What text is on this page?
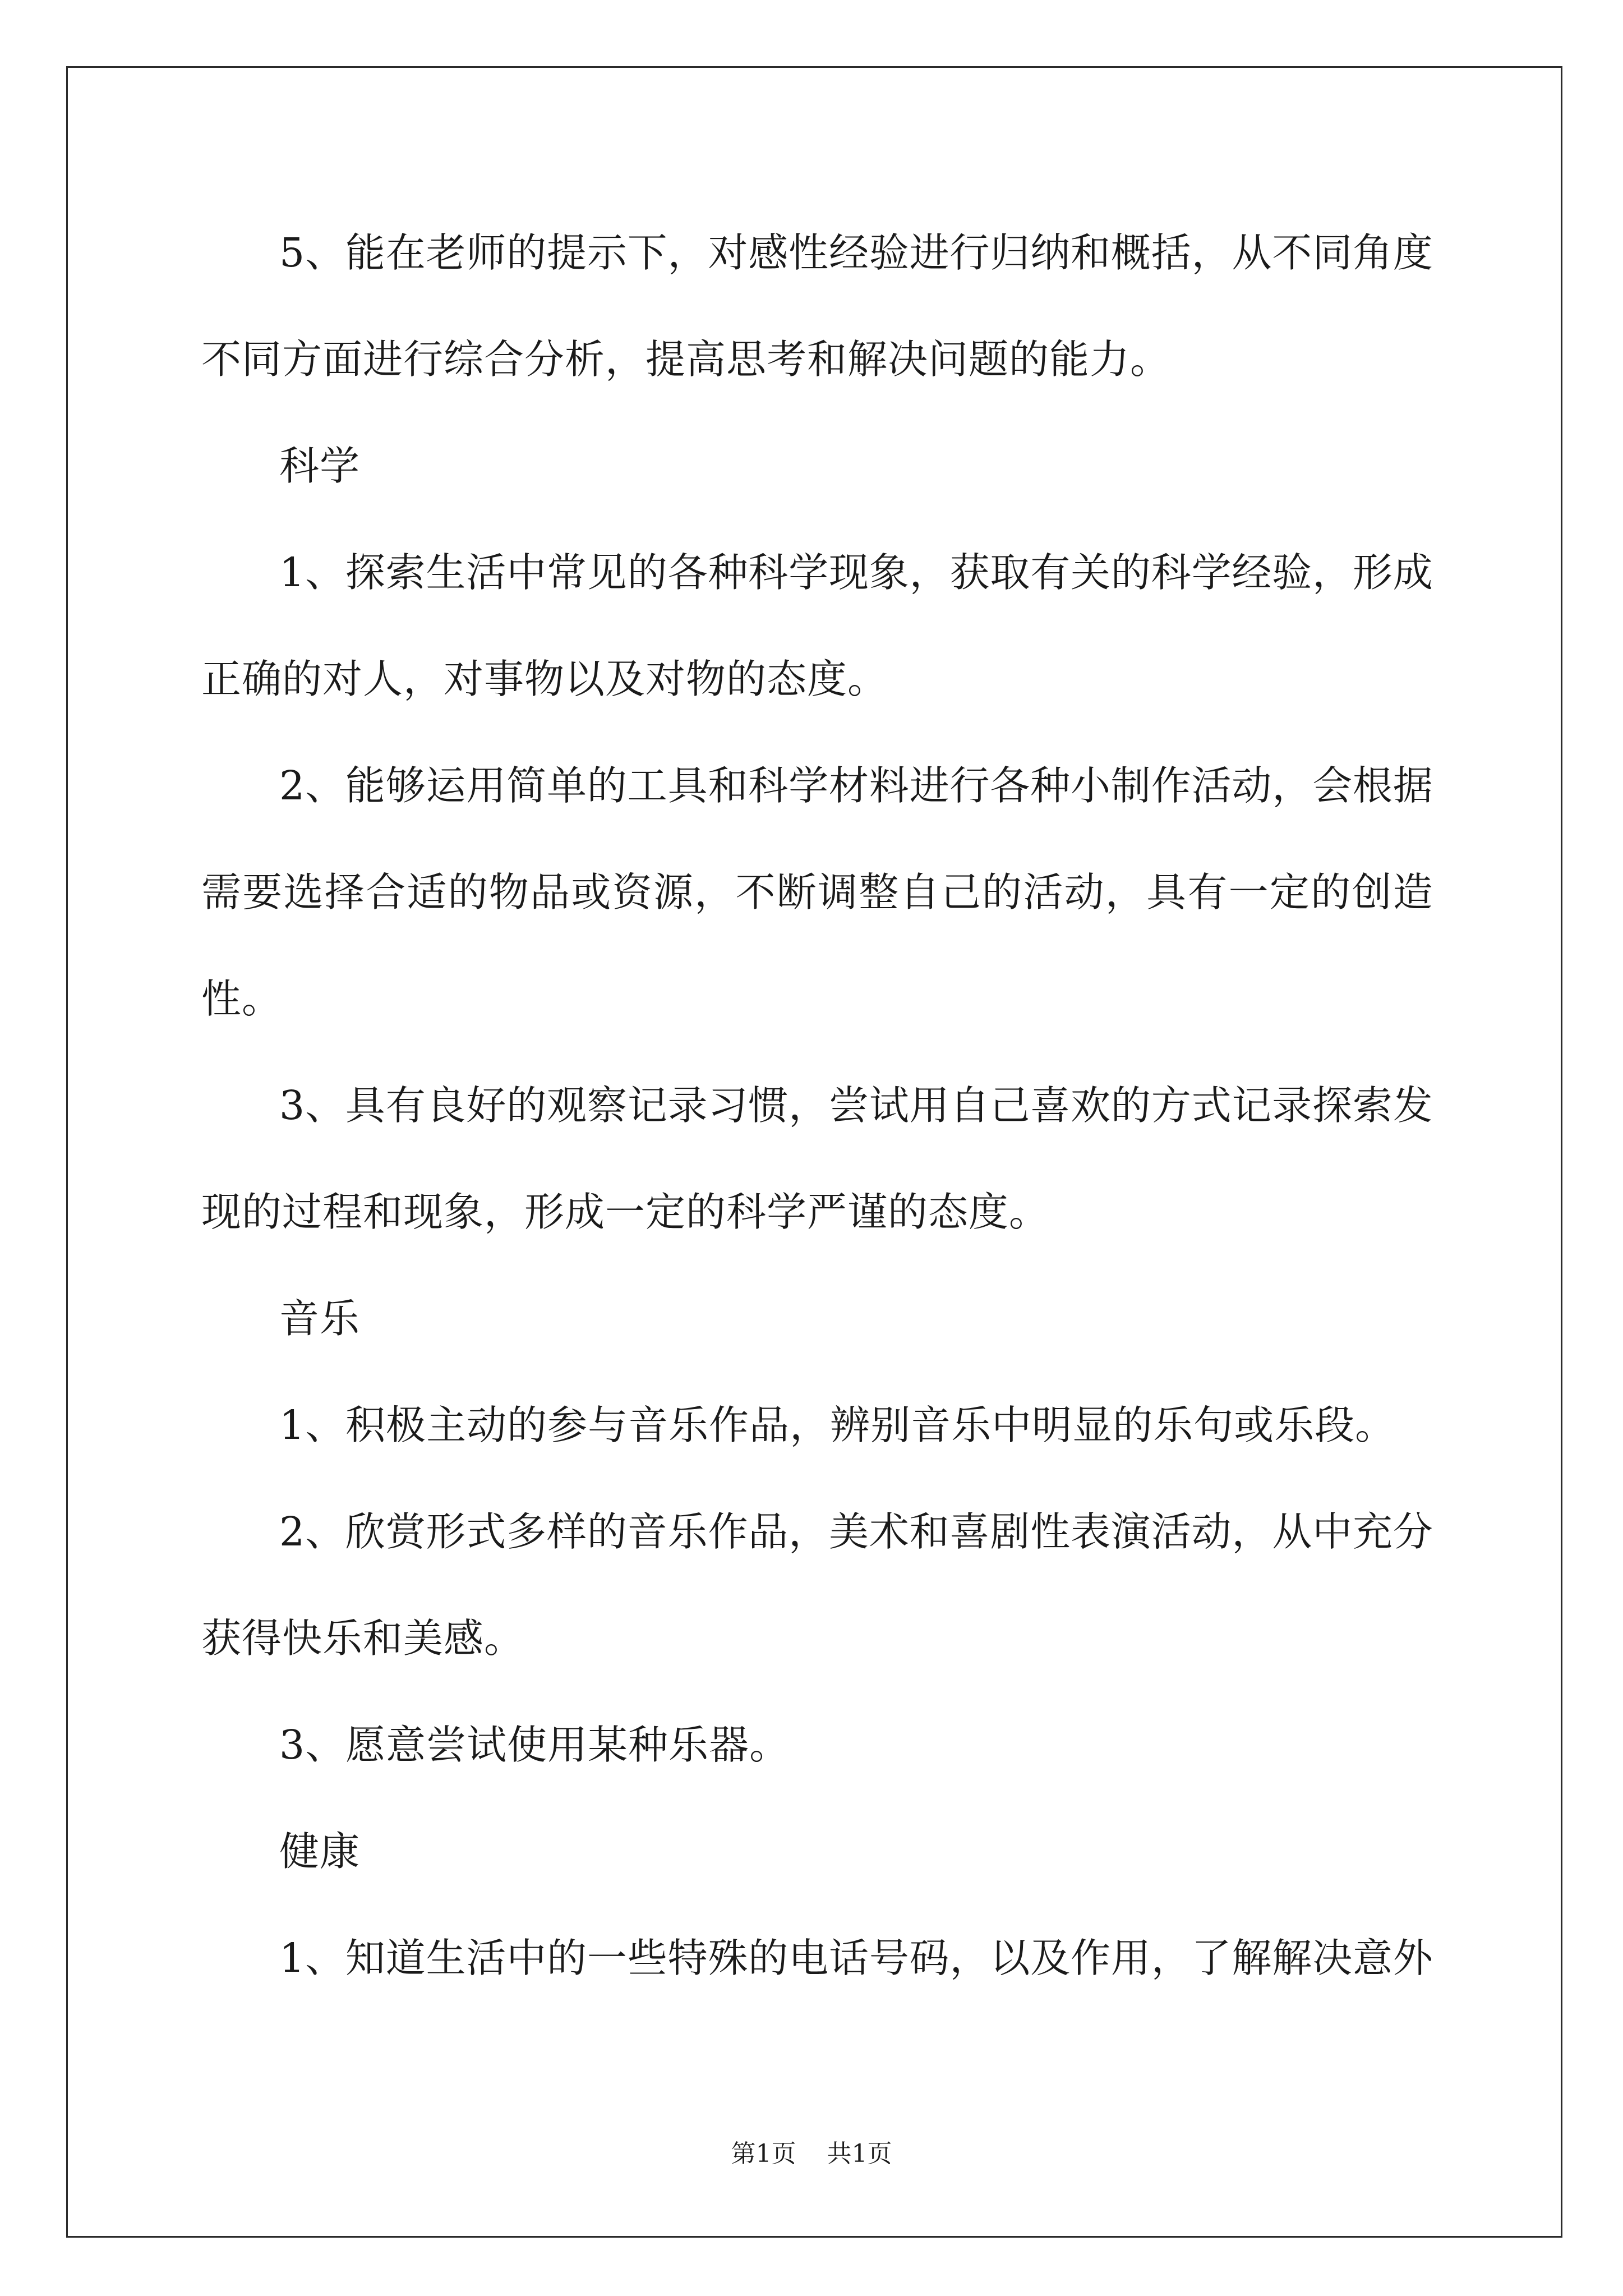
5 、 能 在 老 师 的 提 示 下 ， 对 感 性 经 验 进 行 归 纳 和 概 括 ， 从 不 同 角 度
不同方面进行综合分析，提高思考和解决问题的能力。
科学
1 、 探 索 生 活 中 常 见 的 各 种 科 学 现 象 ， 获 取 有 关 的 科 学 经 验 ， 形 成
正确的对人，对事物以及对物的态度。
2 、 能 够 运 用 简 单 的 工 具 和 科 学 材 料 进 行 各 种 小 制 作 活 动 ， 会 根 据
需 要 选 择 合 适 的 物 品 或 资 源 ， 不 断 调 整 自 己 的 活 动 ， 具 有 一 定 的 创 造
性。
3 、 具 有 良 好 的 观 察 记 录 习 惯 ， 尝 试 用 自 己 喜 欢 的 方 式 记 录 探 索 发
现的过程和现象，形成一定的科学严谨的态度。
音乐
1、积极主动的参与音乐作品，辨别音乐中明显的乐句或乐段。
2 、 欣 赏 形 式 多 样 的 音 乐 作 品 ， 美 术 和 喜 剧 性 表 演 活 动 ， 从 中 充 分
获得快乐和美感。
3、愿意尝试使用某种乐器。
健康
1 、 知 道 生 活 中 的 一 些 特 殊 的 电 话 号 码 ， 以 及 作 用 ， 了 解 解 决 意 外
第1页 共1页
